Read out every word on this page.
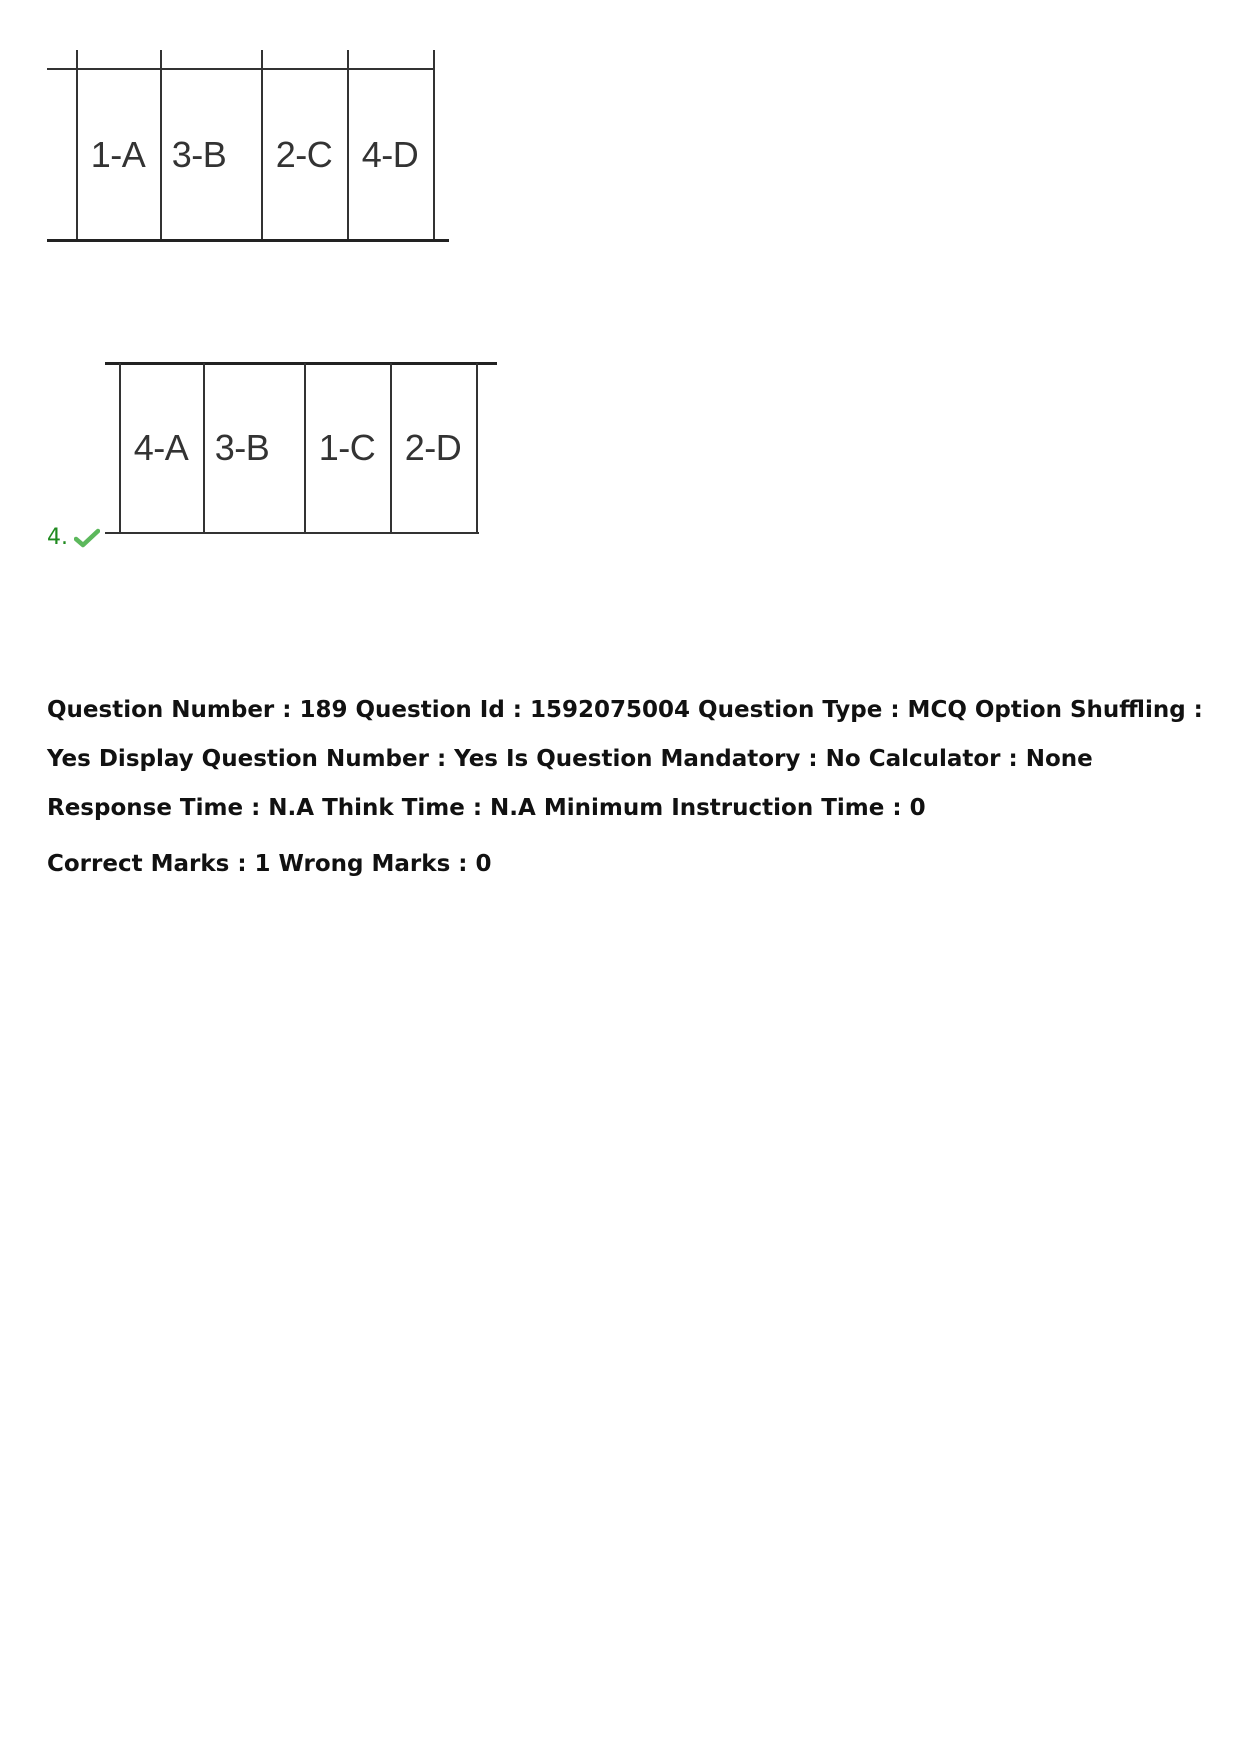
1-A 3-B	2-C 4-D
4.
4-A 3-B	1-C 2-D
Question Number : 189 Question Id : 1592075004 Question Type : MCQ Option Shuffling : Yes Display Question Number : Yes Is Question Mandatory : No Calculator : None Response Time : N.A Think Time : N.A Minimum Instruction Time : 0
Correct Marks : 1 Wrong Marks : 0
